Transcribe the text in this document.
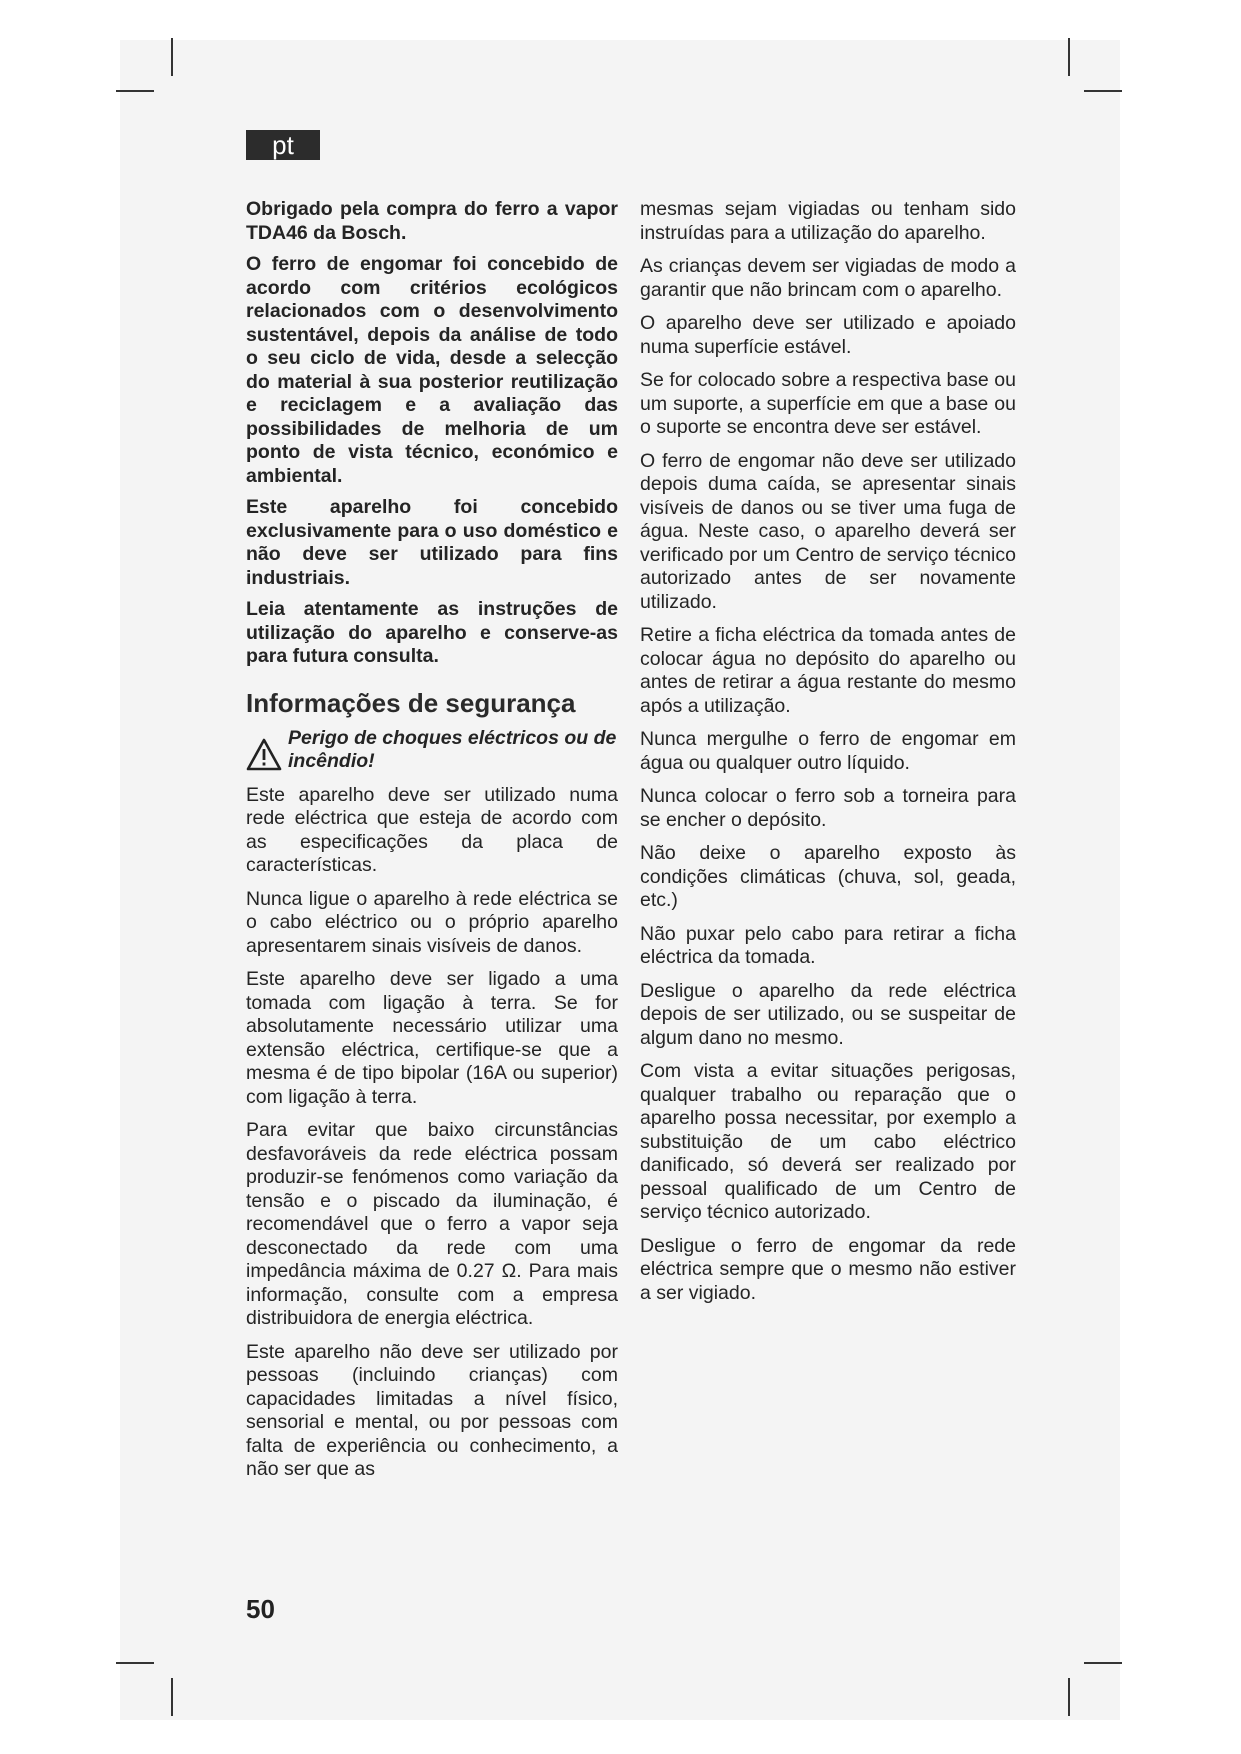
pt

Obrigado pela compra do ferro a vapor TDA46 da Bosch.

O ferro de engomar foi concebido de acordo com critérios ecológicos relacionados com o desenvolvimento sustentável, depois da análise de todo o seu ciclo de vida, desde a selecção do material à sua posterior reutilização e reciclagem e a avaliação das possibilidades de melhoria de um ponto de vista técnico, económico e ambiental.

Este aparelho foi concebido exclusivamente para o uso doméstico e não deve ser utilizado para fins industriais.

Leia atentamente as instruções de utilização do aparelho e conserve-as para futura consulta.

Informações de segurança
Perigo de choques eléctricos ou de incêndio!

Este aparelho deve ser utilizado numa rede eléctrica que esteja de acordo com as especificações da placa de características.

Nunca ligue o aparelho à rede eléctrica se o cabo eléctrico ou o próprio aparelho apresentarem sinais visíveis de danos.

Este aparelho deve ser ligado a uma tomada com ligação à terra. Se for absolutamente necessário utilizar uma extensão eléctrica, certifique-se que a mesma é de tipo bipolar (16A ou superior) com ligação à terra.

Para evitar que baixo circunstâncias desfavoráveis da rede eléctrica possam produzir-se fenómenos como variação da tensão e o piscado da iluminação, é recomendável que o ferro a vapor seja desconectado da rede com uma impedância máxima de 0.27 Ω. Para mais informação, consulte com a empresa distribuidora de energia eléctrica.

Este aparelho não deve ser utilizado por pessoas (incluindo crianças) com capacidades limitadas a nível físico, sensorial e mental, ou por pessoas com falta de experiência ou conhecimento, a não ser que as

mesmas sejam vigiadas ou tenham sido instruídas para a utilização do aparelho.

As crianças devem ser vigiadas de modo a garantir que não brincam com o aparelho.

O aparelho deve ser utilizado e apoiado numa superfície estável.

Se for colocado sobre a respectiva base ou um suporte, a superfície em que a base ou o suporte se encontra deve ser estável.

O ferro de engomar não deve ser utilizado depois duma caída, se apresentar sinais visíveis de danos ou se tiver uma fuga de água. Neste caso, o aparelho deverá ser verificado por um Centro de serviço técnico autorizado antes de ser novamente utilizado.

Retire a ficha eléctrica da tomada antes de colocar água no depósito do aparelho ou antes de retirar a água restante do mesmo após a utilização.

Nunca mergulhe o ferro de engomar em água ou qualquer outro líquido.

Nunca colocar o ferro sob a torneira para se encher o depósito.

Não deixe o aparelho exposto às condições climáticas (chuva, sol, geada, etc.)

Não puxar pelo cabo para retirar a ficha eléctrica da tomada.

Desligue o aparelho da rede eléctrica depois de ser utilizado, ou se suspeitar de algum dano no mesmo.

Com vista a evitar situações perigosas, qualquer trabalho ou reparação que o aparelho possa necessitar, por exemplo a substituição de um cabo eléctrico danificado, só deverá ser realizado por pessoal qualificado de um Centro de serviço técnico autorizado.

Desligue o ferro de engomar da rede eléctrica sempre que o mesmo não estiver a ser vigiado.

50
